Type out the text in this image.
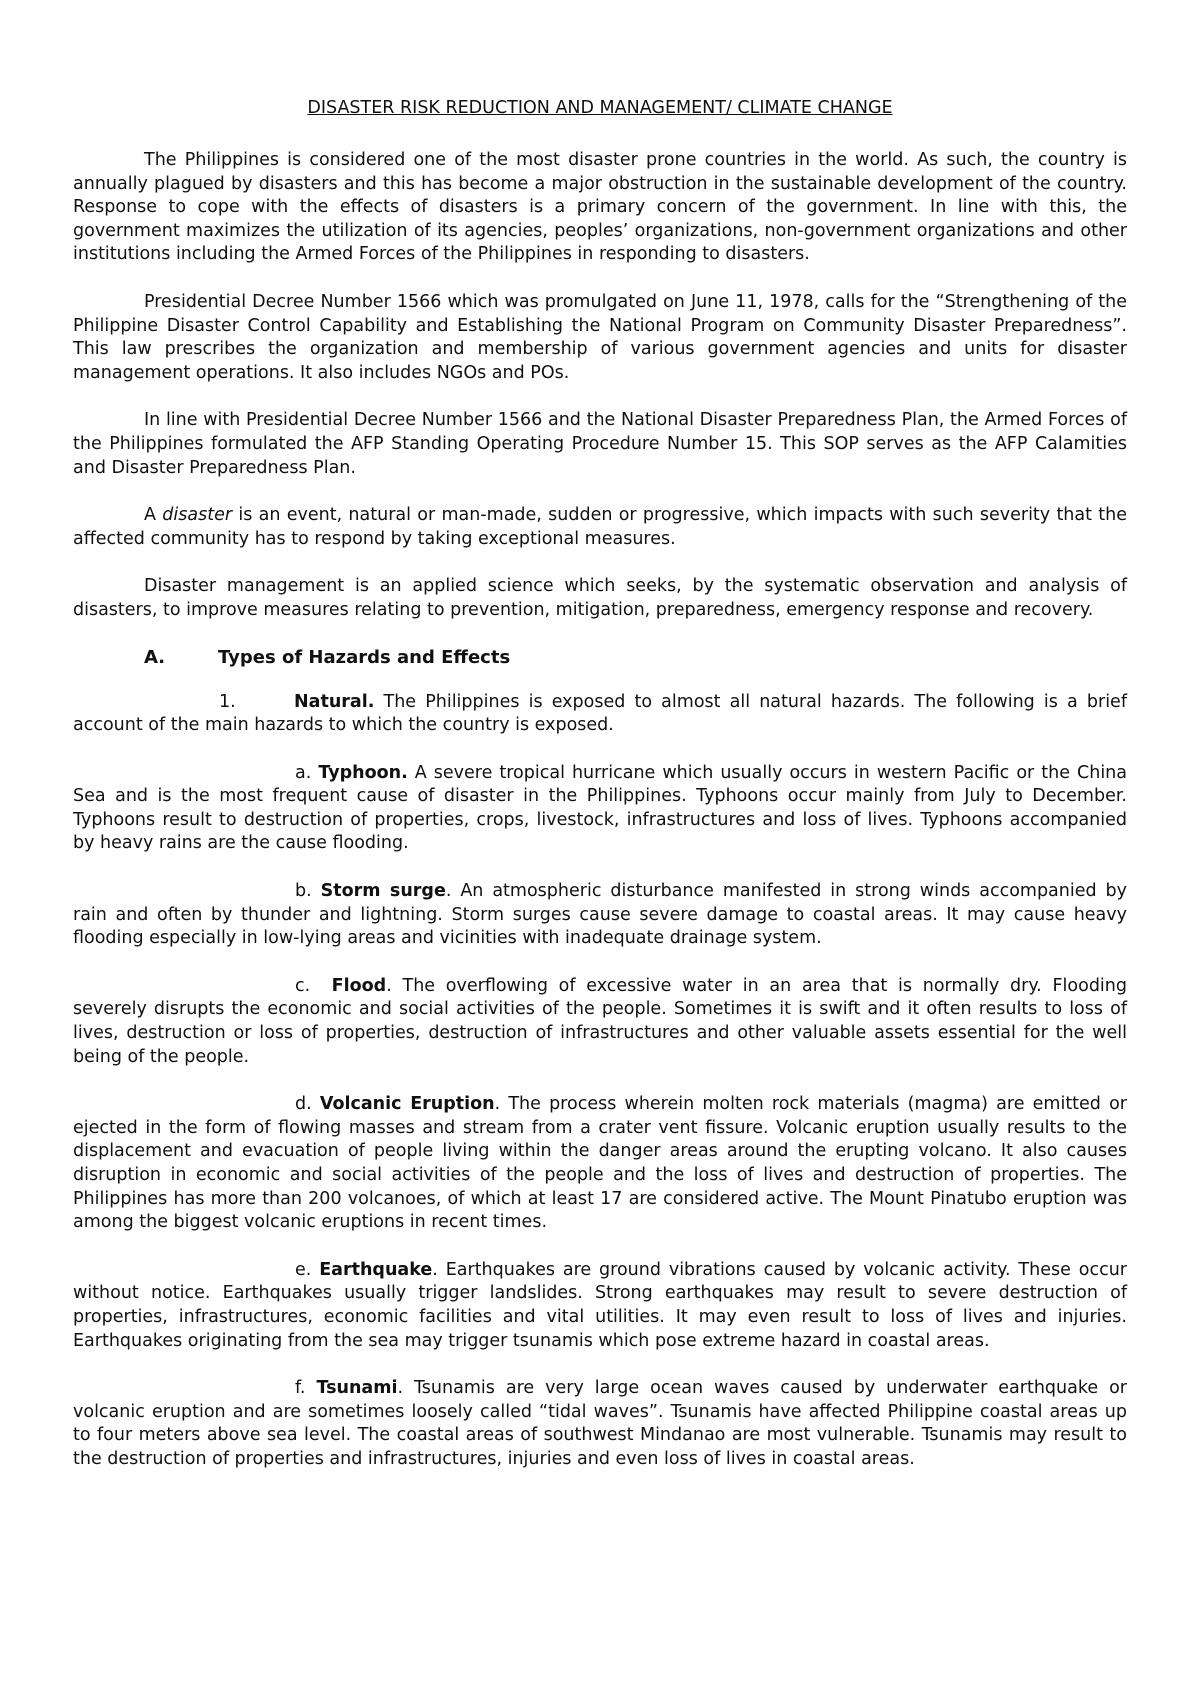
DISASTER RISK REDUCTION AND MANAGEMENT/ CLIMATE CHANGE

The Philippines is considered one of the most disaster prone countries in the world. As such, the country is annually plagued by disasters and this has become a major obstruction in the sustainable development of the country. Response to cope with the effects of disasters is a primary concern of the government. In line with this, the government maximizes the utilization of its agencies, peoples’ organizations, non-government organizations and other institutions including the Armed Forces of the Philippines in responding to disasters.

Presidential Decree Number 1566 which was promulgated on June 11, 1978, calls for the “Strengthening of the Philippine Disaster Control Capability and Establishing the National Program on Community Disaster Preparedness”. This law prescribes the organization and membership of various government agencies and units for disaster management operations. It also includes NGOs and POs.

In line with Presidential Decree Number 1566 and the National Disaster Preparedness Plan, the Armed Forces of the Philippines formulated the AFP Standing Operating Procedure Number 15. This SOP serves as the AFP Calamities and Disaster Preparedness Plan.

A disaster is an event, natural or man-made, sudden or progressive, which impacts with such severity that the affected community has to respond by taking exceptional measures.

Disaster management is an applied science which seeks, by the systematic observation and analysis of disasters, to improve measures relating to prevention, mitigation, preparedness, emergency response and recovery.

A.	Types of Hazards and Effects

1.	Natural. The Philippines is exposed to almost all natural hazards. The following is a brief account of the main hazards to which the country is exposed.

a. Typhoon. A severe tropical hurricane which usually occurs in western Pacific or the China Sea and is the most frequent cause of disaster in the Philippines. Typhoons occur mainly from July to December. Typhoons result to destruction of properties, crops, livestock, infrastructures and loss of lives. Typhoons accompanied by heavy rains are the cause flooding.

b. Storm surge. An atmospheric disturbance manifested in strong winds accompanied by rain and often by thunder and lightning. Storm surges cause severe damage to coastal areas. It may cause heavy flooding especially in low-lying areas and vicinities with inadequate drainage system.

c.  Flood. The overflowing of excessive water in an area that is normally dry. Flooding severely disrupts the economic and social activities of the people. Sometimes it is swift and it often results to loss of lives, destruction or loss of properties, destruction of infrastructures and other valuable assets essential for the well being of the people.

d. Volcanic Eruption. The process wherein molten rock materials (magma) are emitted or ejected in the form of flowing masses and stream from a crater vent fissure. Volcanic eruption usually results to the displacement and evacuation of people living within the danger areas around the erupting volcano. It also causes disruption in economic and social activities of the people and the loss of lives and destruction of properties. The Philippines has more than 200 volcanoes, of which at least 17 are considered active. The Mount Pinatubo eruption was among the biggest volcanic eruptions in recent times.

e. Earthquake. Earthquakes are ground vibrations caused by volcanic activity. These occur without notice. Earthquakes usually trigger landslides. Strong earthquakes may result to severe destruction of properties, infrastructures, economic facilities and vital utilities. It may even result to loss of lives and injuries. Earthquakes originating from the sea may trigger tsunamis which pose extreme hazard in coastal areas.

f. Tsunami. Tsunamis are very large ocean waves caused by underwater earthquake or volcanic eruption and are sometimes loosely called “tidal waves”. Tsunamis have affected Philippine coastal areas up to four meters above sea level. The coastal areas of southwest Mindanao are most vulnerable. Tsunamis may result to the destruction of properties and infrastructures, injuries and even loss of lives in coastal areas.
